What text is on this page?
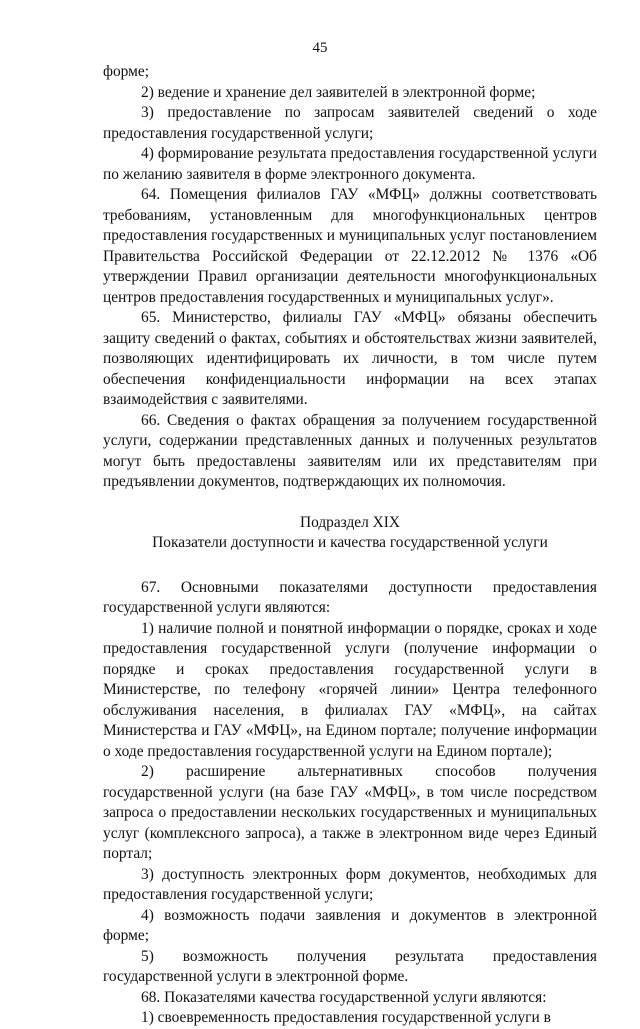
45

форме;

2) ведение и хранение дел заявителей в электронной форме;

3) предоставление по запросам заявителей сведений о ходе предоставления государственной услуги;

4) формирование результата предоставления государственной услуги по желанию заявителя в форме электронного документа.

64. Помещения филиалов ГАУ «МФЦ» должны соответствовать требованиям, установленным для многофункциональных центров предоставления государственных и муниципальных услуг постановлением Правительства Российской Федерации от 22.12.2012 № 1376 «Об утверждении Правил организации деятельности многофункциональных центров предоставления государственных и муниципальных услуг».

65. Министерство, филиалы ГАУ «МФЦ» обязаны обеспечить защиту сведений о фактах, событиях и обстоятельствах жизни заявителей, позволяющих идентифицировать их личности, в том числе путем обеспечения конфиденциальности информации на всех этапах взаимодействия с заявителями.

66. Сведения о фактах обращения за получением государственной услуги, содержании представленных данных и полученных результатов могут быть предоставлены заявителям или их представителям при предъявлении документов, подтверждающих их полномочия.

Подраздел XIX

Показатели доступности и качества государственной услуги

67. Основными показателями доступности предоставления государственной услуги являются:

1) наличие полной и понятной информации о порядке, сроках и ходе предоставления государственной услуги (получение информации о порядке и сроках предоставления государственной услуги в Министерстве, по телефону «горячей линии» Центра телефонного обслуживания населения, в филиалах ГАУ «МФЦ», на сайтах Министерства и ГАУ «МФЦ», на Едином портале; получение информации о ходе предоставления государственной услуги на Едином портале);

2) расширение альтернативных способов получения государственной услуги (на базе ГАУ «МФЦ», в том числе посредством запроса о предоставлении нескольких государственных и муниципальных услуг (комплексного запроса), а также в электронном виде через Единый портал;

3) доступность электронных форм документов, необходимых для предоставления государственной услуги;

4) возможность подачи заявления и документов в электронной форме;

5) возможность получения результата предоставления государственной услуги в электронной форме.

68. Показателями качества государственной услуги являются:

1) своевременность предоставления государственной услуги в
